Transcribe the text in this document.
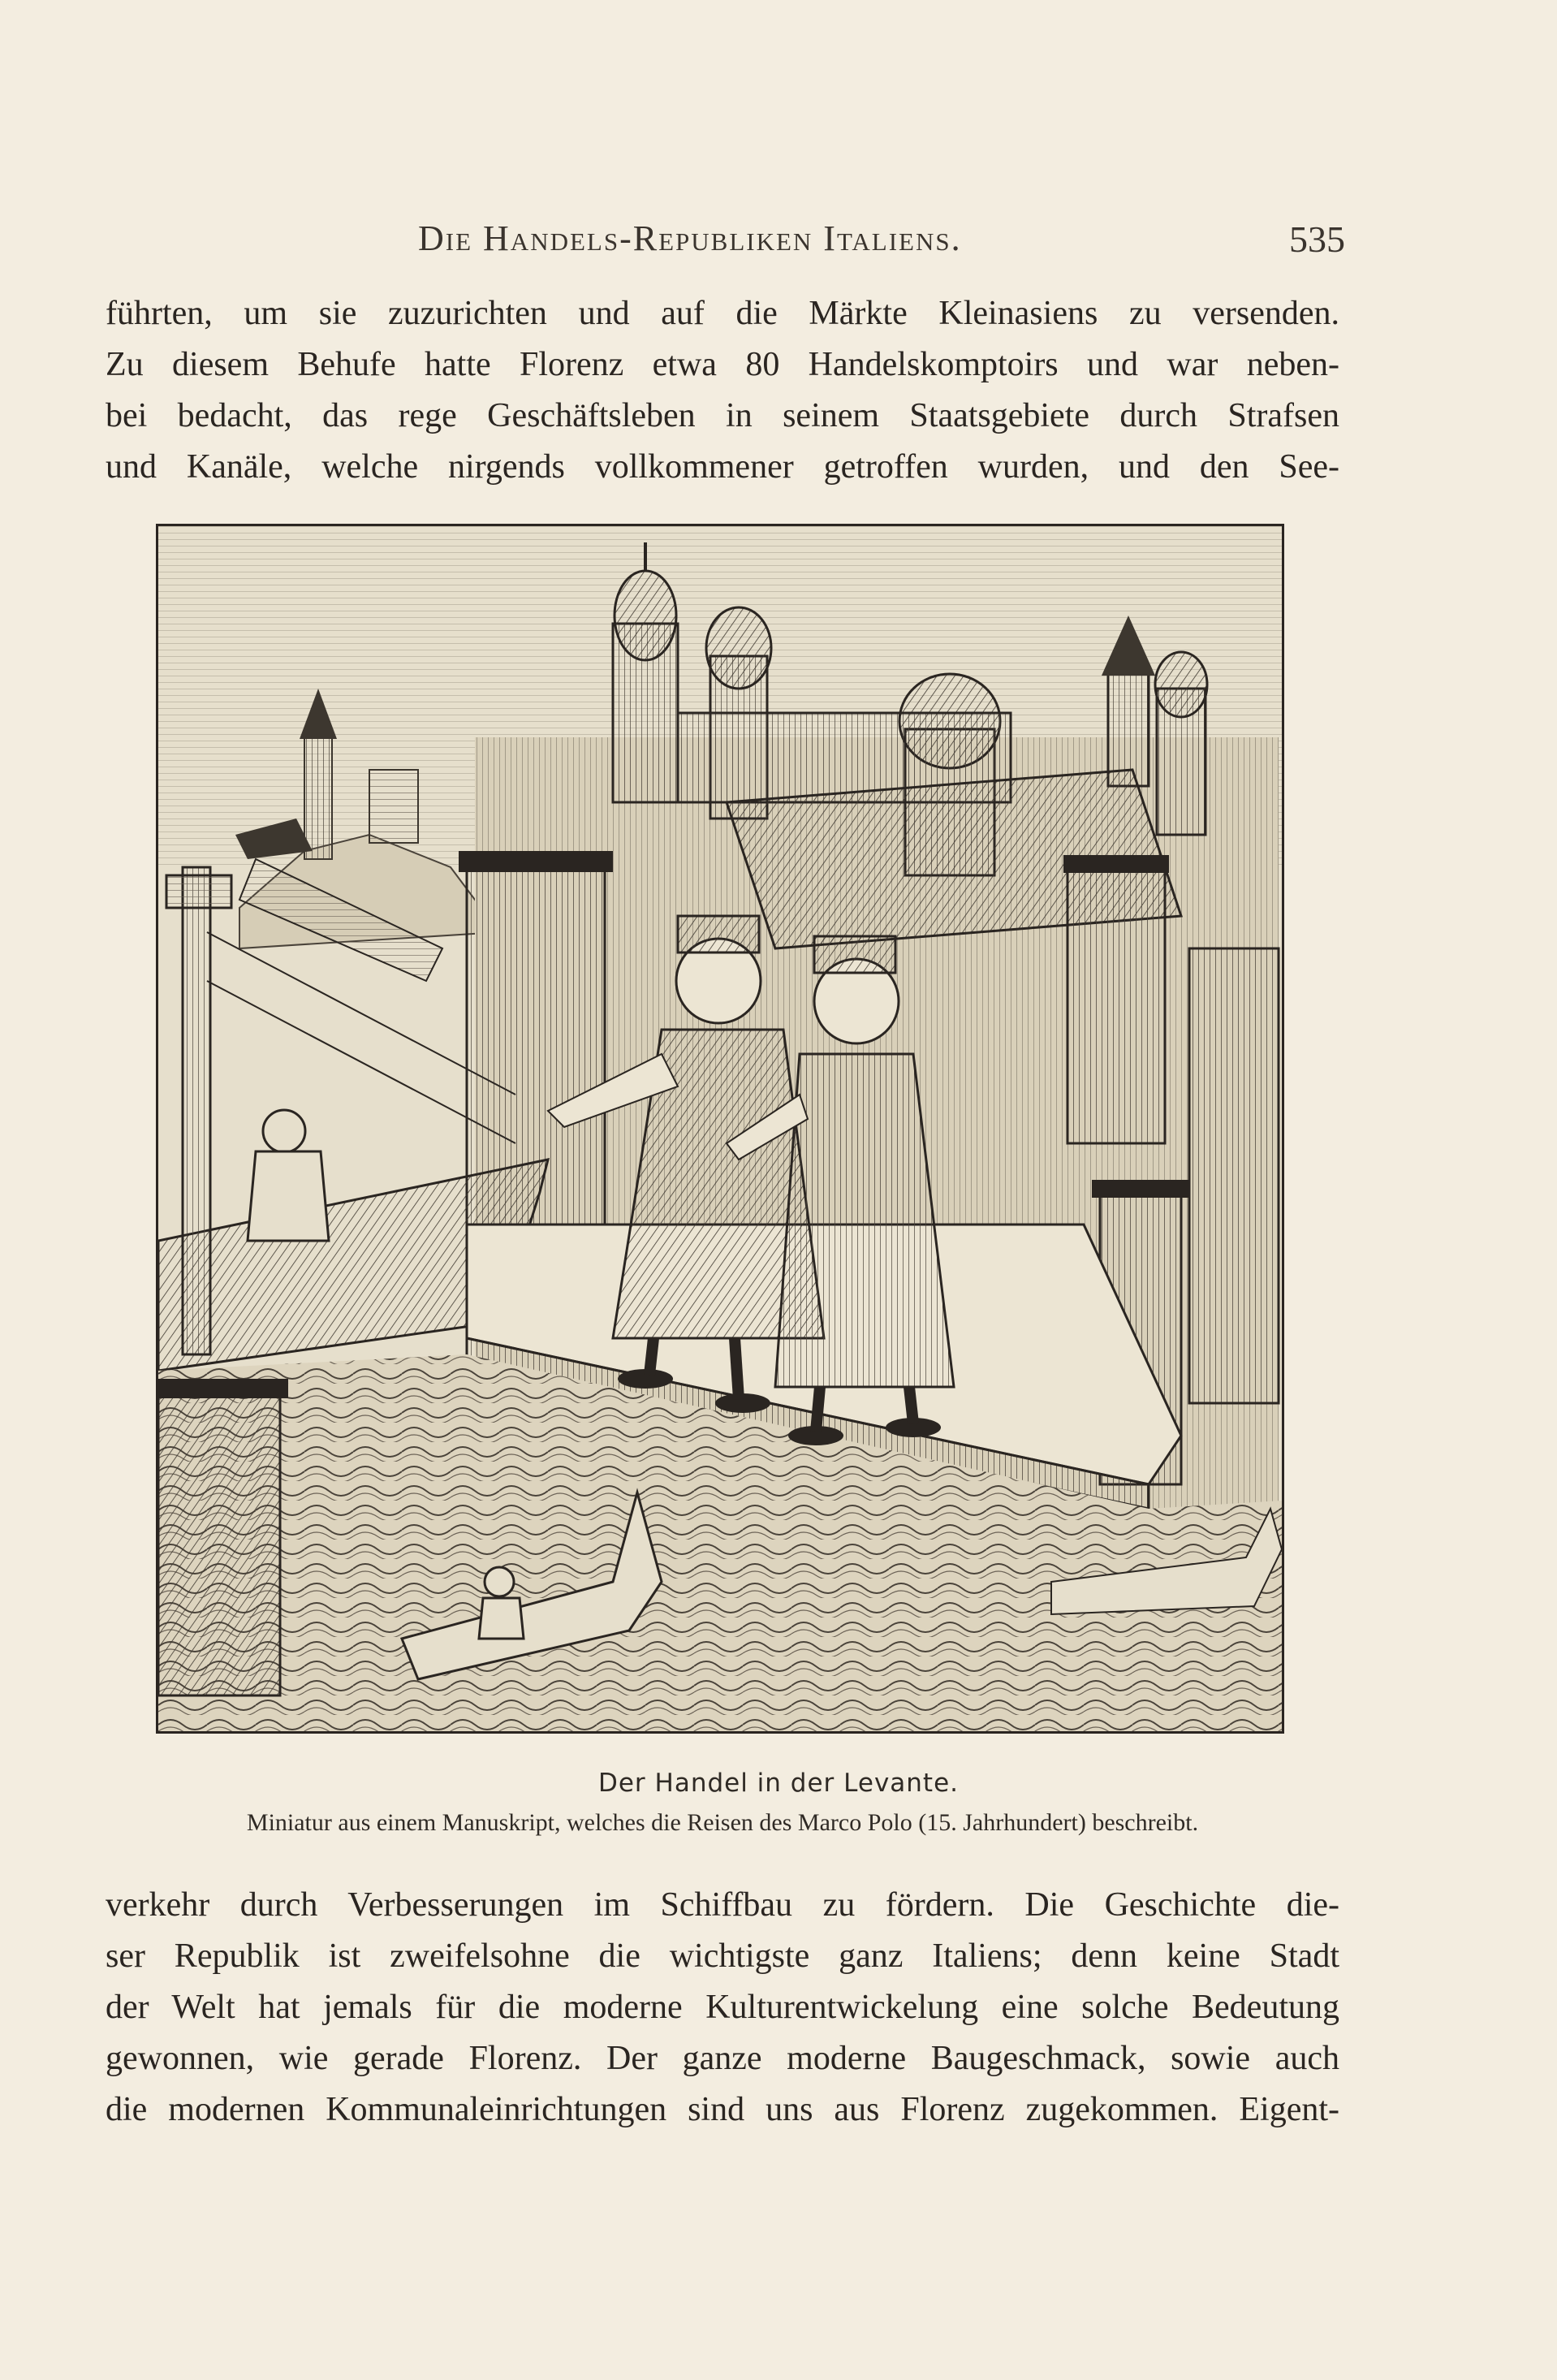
Die Handels-Republiken Italiens.	535
führten, um sie zuzurichten und auf die Märkte Kleinasiens zu versenden.
Zu diesem Behufe hatte Florenz etwa 80 Handelskomptoirs und war neben-
bei bedacht, das rege Geschäftsleben in seinem Staatsgebiete durch Strafsen
und Kanäle, welche nirgends vollkommener getroffen wurden, und den See-
Der Handel in der Levante.
Miniatur aus einem Manuskript, welches die Reisen des Marco Polo (15. Jahrhundert) beschreibt.
verkehr durch Verbesserungen im Schiffbau zu fördern. Die Geschichte die-
ser Republik ist zweifelsohne die wichtigste ganz Italiens; denn keine Stadt
der Welt hat jemals für die moderne Kulturentwickelung eine solche Bedeutung
gewonnen, wie gerade Florenz. Der ganze moderne Baugeschmack, sowie auch
die modernen Kommunaleinrichtungen sind uns aus Florenz zugekommen. Eigent-
